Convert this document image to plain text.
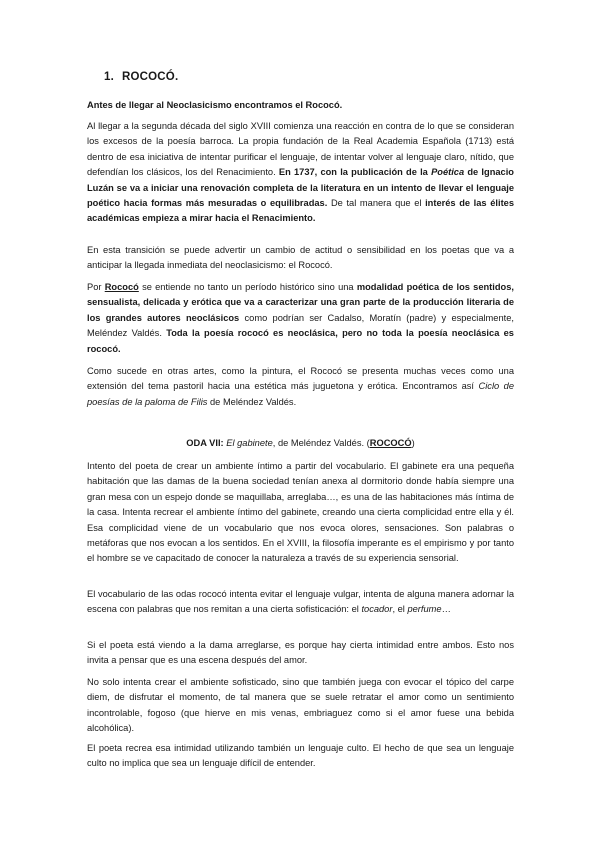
1. ROCOCÓ.

Antes de llegar al Neoclasicismo encontramos el Rococó.

Al llegar a la segunda década del siglo XVIII comienza una reacción en contra de lo que se consideran los excesos de la poesía barroca. La propia fundación de la Real Academia Española (1713) está dentro de esa iniciativa de intentar purificar el lenguaje, de intentar volver al lenguaje claro, nítido, que defendían los clásicos, los del Renacimiento. En 1737, con la publicación de la Poética de Ignacio Luzán se va a iniciar una renovación completa de la literatura en un intento de llevar el lenguaje poético hacia formas más mesuradas o equilibradas. De tal manera que el interés de las élites académicas empieza a mirar hacia el Renacimiento.

En esta transición se puede advertir un cambio de actitud o sensibilidad en los poetas que va a anticipar la llegada inmediata del neoclasicismo: el Rococó.

Por Rococó se entiende no tanto un período histórico sino una modalidad poética de los sentidos, sensualista, delicada y erótica que va a caracterizar una gran parte de la producción literaria de los grandes autores neoclásicos como podrían ser Cadalso, Moratín (padre) y especialmente, Meléndez Valdés. Toda la poesía rococó es neoclásica, pero no toda la poesía neoclásica es rococó.

Como sucede en otras artes, como la pintura, el Rococó se presenta muchas veces como una extensión del tema pastoril hacia una estética más juguetona y erótica. Encontramos así Ciclo de poesías de la paloma de Filis de Meléndez Valdés.

ODA VII: El gabinete, de Meléndez Valdés. (ROCOCÓ)

Intento del poeta de crear un ambiente íntimo a partir del vocabulario. El gabinete era una pequeña habitación que las damas de la buena sociedad tenían anexa al dormitorio donde había siempre una gran mesa con un espejo donde se maquillaba, arreglaba…, es una de las habitaciones más íntima de la casa. Intenta recrear el ambiente íntimo del gabinete, creando una cierta complicidad entre ella y él. Esa complicidad viene de un vocabulario que nos evoca olores, sensaciones. Son palabras o metáforas que nos evocan a los sentidos. En el XVIII, la filosofía imperante es el empirismo y por tanto el hombre se ve capacitado de conocer la naturaleza a través de su experiencia sensorial.

El vocabulario de las odas rococó intenta evitar el lenguaje vulgar, intenta de alguna manera adornar la escena con palabras que nos remitan a una cierta sofisticación: el tocador, el perfume…

Si el poeta está viendo a la dama arreglarse, es porque hay cierta intimidad entre ambos. Esto nos invita a pensar que es una escena después del amor.

No solo intenta crear el ambiente sofisticado, sino que también juega con evocar el tópico del carpe diem, de disfrutar el momento, de tal manera que se suele retratar el amor como un sentimiento incontrolable, fogoso (que hierve en mis venas, embriaguez como si el amor fuese una bebida alcohólica).

El poeta recrea esa intimidad utilizando también un lenguaje culto. El hecho de que sea un lenguaje culto no implica que sea un lenguaje difícil de entender.
